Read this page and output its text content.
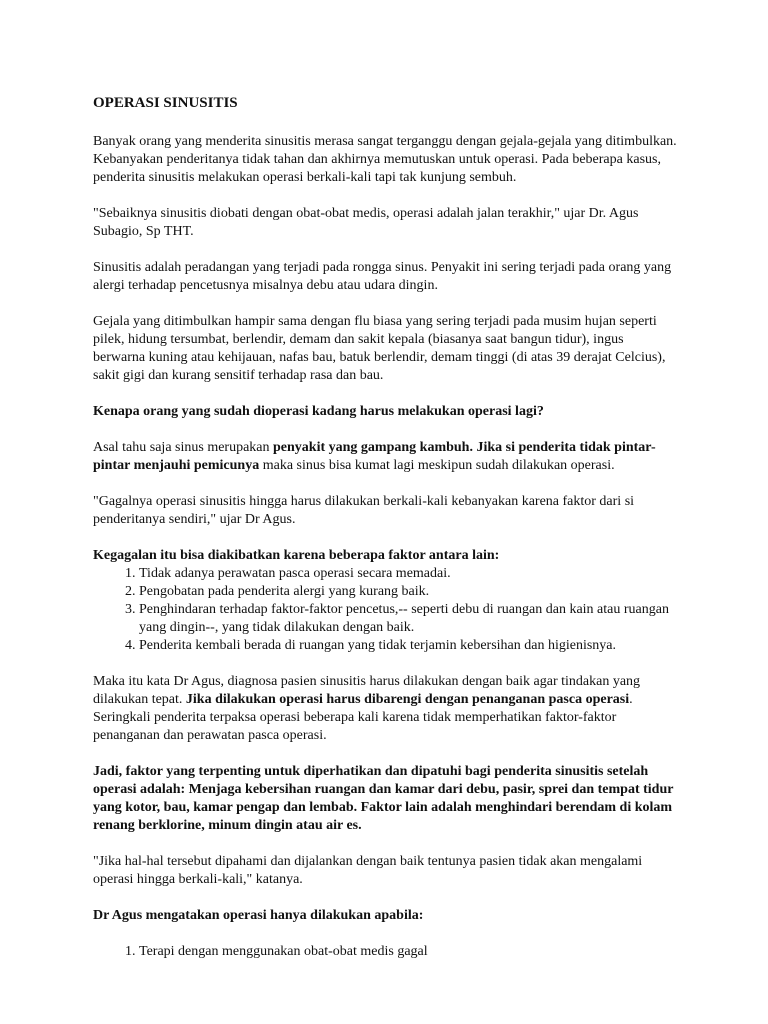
OPERASI SINUSITIS

Banyak orang yang menderita sinusitis merasa sangat terganggu dengan gejala-gejala yang ditimbulkan. Kebanyakan penderitanya tidak tahan dan akhirnya memutuskan untuk operasi. Pada beberapa kasus, penderita sinusitis melakukan operasi berkali-kali tapi tak kunjung sembuh.

"Sebaiknya sinusitis diobati dengan obat-obat medis, operasi adalah jalan terakhir," ujar Dr. Agus Subagio, Sp THT.

Sinusitis adalah peradangan yang terjadi pada rongga sinus. Penyakit ini sering terjadi pada orang yang alergi terhadap pencetusnya misalnya debu atau udara dingin.

Gejala yang ditimbulkan hampir sama dengan flu biasa yang sering terjadi pada musim hujan seperti pilek, hidung tersumbat, berlendir, demam dan sakit kepala (biasanya saat bangun tidur), ingus berwarna kuning atau kehijauan, nafas bau, batuk berlendir, demam tinggi (di atas 39 derajat Celcius), sakit gigi dan kurang sensitif terhadap rasa dan bau.

Kenapa orang yang sudah dioperasi kadang harus melakukan operasi lagi?

Asal tahu saja sinus merupakan penyakit yang gampang kambuh. Jika si penderita tidak pintar-pintar menjauhi pemicunya maka sinus bisa kumat lagi meskipun sudah dilakukan operasi.

"Gagalnya operasi sinusitis hingga harus dilakukan berkali-kali kebanyakan karena faktor dari si penderitanya sendiri," ujar Dr Agus.

Kegagalan itu bisa diakibatkan karena beberapa faktor antara lain:

1. Tidak adanya perawatan pasca operasi secara memadai.
2. Pengobatan pada penderita alergi yang kurang baik.
3. Penghindaran terhadap faktor-faktor pencetus,-- seperti debu di ruangan dan kain atau ruangan yang dingin--, yang tidak dilakukan dengan baik.
4. Penderita kembali berada di ruangan yang tidak terjamin kebersihan dan higienisnya.

Maka itu kata Dr Agus, diagnosa pasien sinusitis harus dilakukan dengan baik agar tindakan yang dilakukan tepat. Jika dilakukan operasi harus dibarengi dengan penanganan pasca operasi. Seringkali penderita terpaksa operasi beberapa kali karena tidak memperhatikan faktor-faktor penanganan dan perawatan pasca operasi.

Jadi, faktor yang terpenting untuk diperhatikan dan dipatuhi bagi penderita sinusitis setelah operasi adalah: Menjaga kebersihan ruangan dan kamar dari debu, pasir, sprei dan tempat tidur yang kotor, bau, kamar pengap dan lembab. Faktor lain adalah menghindari berendam di kolam renang berklorine, minum dingin atau air es.

"Jika hal-hal tersebut dipahami dan dijalankan dengan baik tentunya pasien tidak akan mengalami operasi hingga berkali-kali," katanya.

Dr Agus mengatakan operasi hanya dilakukan apabila:

1. Terapi dengan menggunakan obat-obat medis gagal
